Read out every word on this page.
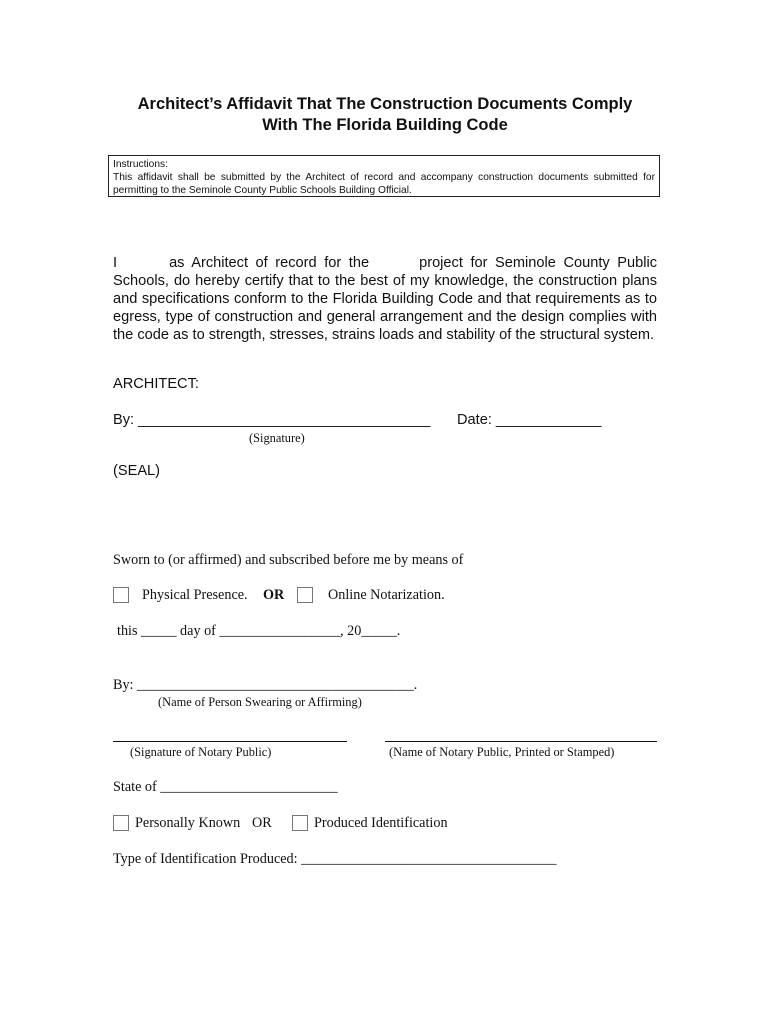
Architect’s Affidavit That The Construction Documents Comply
With The Florida Building Code
Instructions:
This affidavit shall be submitted by the Architect of record and accompany construction documents submitted for permitting to the Seminole County Public Schools Building Official.
I	as Architect of record for the	project for Seminole County Public Schools, do hereby certify that to the best of my knowledge, the construction plans and specifications conform to the Florida Building Code and that requirements as to egress, type of construction and general arrangement and the design complies with the code as to strength, stresses, strains loads and stability of the structural system.
ARCHITECT:
By: ____________________________________ Date: _____________
(Signature)
(SEAL)
Sworn to (or affirmed) and subscribed before me by means of
Physical Presence. OR	Online Notarization.
this _____ day of _________________, 20_____.
By: _______________________________________.
(Name of Person Swearing or Affirming)
(Signature of Notary Public)	(Name of Notary Public, Printed or Stamped)
State of _________________________
Personally Known OR	Produced Identification
Type of Identification Produced: ____________________________________
